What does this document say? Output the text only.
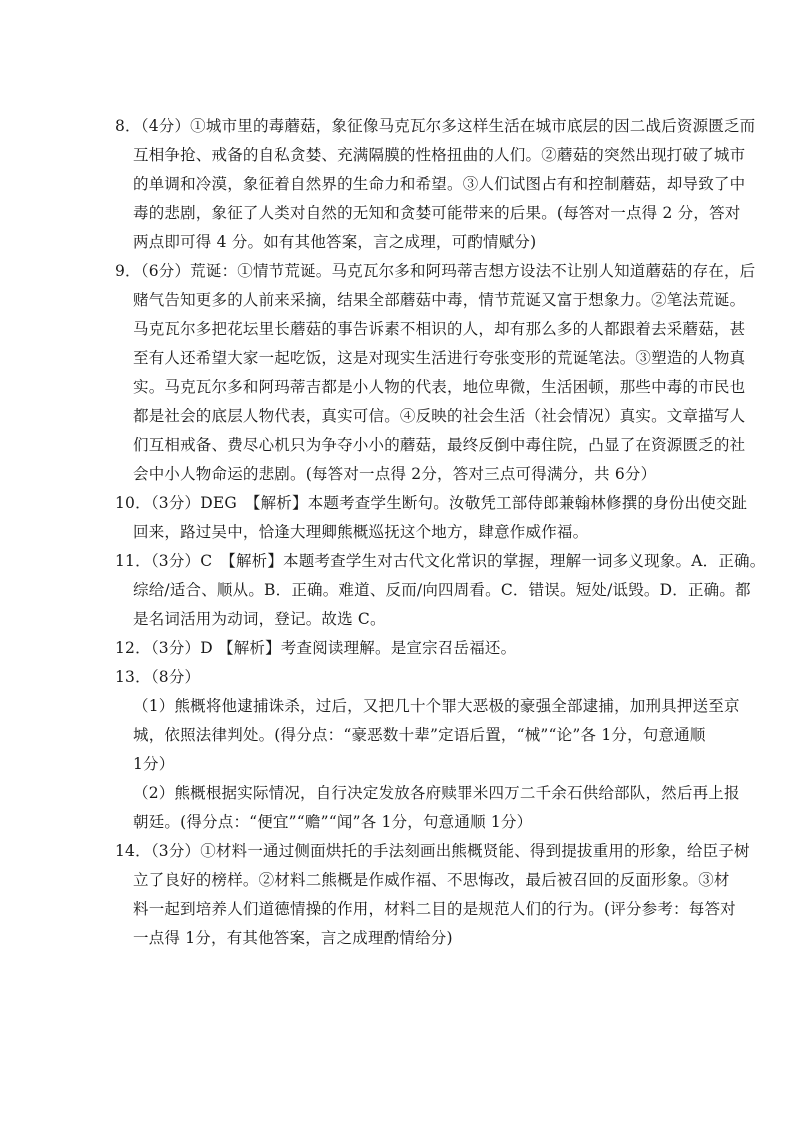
8．（4分）①城市里的毒蘑菇，象征像马克瓦尔多这样生活在城市底层的因二战后资源匮乏而
互相争抢、戒备的自私贪婪、充满隔膜的性格扭曲的人们。②蘑菇的突然出现打破了城市
的单调和冷漠，象征着自然界的生命力和希望。③人们试图占有和控制蘑菇，却导致了中
毒的悲剧，象征了人类对自然的无知和贪婪可能带来的后果。(每答对一点得 2 分，答对
两点即可得 4 分。如有其他答案，言之成理，可酌情赋分)
9．（6分）荒诞：①情节荒诞。马克瓦尔多和阿玛蒂吉想方设法不让别人知道蘑菇的存在，后
赌气告知更多的人前来采摘，结果全部蘑菇中毒，情节荒诞又富于想象力。②笔法荒诞。
马克瓦尔多把花坛里长蘑菇的事告诉素不相识的人，却有那么多的人都跟着去采蘑菇，甚
至有人还希望大家一起吃饭，这是对现实生活进行夸张变形的荒诞笔法。③塑造的人物真
实。马克瓦尔多和阿玛蒂吉都是小人物的代表，地位卑微，生活困顿，那些中毒的市民也
都是社会的底层人物代表，真实可信。④反映的社会生活（社会情况）真实。文章描写人
们互相戒备、费尽心机只为争夺小小的蘑菇，最终反倒中毒住院，凸显了在资源匮乏的社
会中小人物命运的悲剧。(每答对一点得 2分，答对三点可得满分，共 6分）
10．（3分）DEG　【解析】本题考查学生断句。汝敬凭工部侍郎兼翰林修撰的身份出使交趾
回来，路过吴中，恰逢大理卿熊概巡抚这个地方，肆意作威作福。
11．（3分）C　【解析】本题考查学生对古代文化常识的掌握，理解一词多义现象。A．正确。
综给/适合、顺从。B．正确。难道、反而/向四周看。C．错误。短处/诋毁。D．正确。都
是名词活用为动词，登记。故选 C。
12．（3分）D 【解析】考查阅读理解。是宣宗召岳福还。
13．（8分）
（1）熊概将他逮捕诛杀，过后，又把几十个罪大恶极的豪强全部逮捕，加刑具押送至京
城，依照法律判处。(得分点：“豪恶数十辈”定语后置，“械”“论”各 1分，句意通顺
1分）
（2）熊概根据实际情况，自行决定发放各府赎罪米四万二千余石供给部队，然后再上报
朝廷。(得分点：“便宜”“赡”“闻”各 1分，句意通顺 1分）
14．（3分）①材料一通过侧面烘托的手法刻画出熊概贤能、得到提拔重用的形象，给臣子树
立了良好的榜样。②材料二熊概是作威作福、不思悔改，最后被召回的反面形象。③材
料一起到培养人们道德情操的作用，材料二目的是规范人们的行为。(评分参考：每答对
一点得 1分，有其他答案，言之成理酌情给分)
